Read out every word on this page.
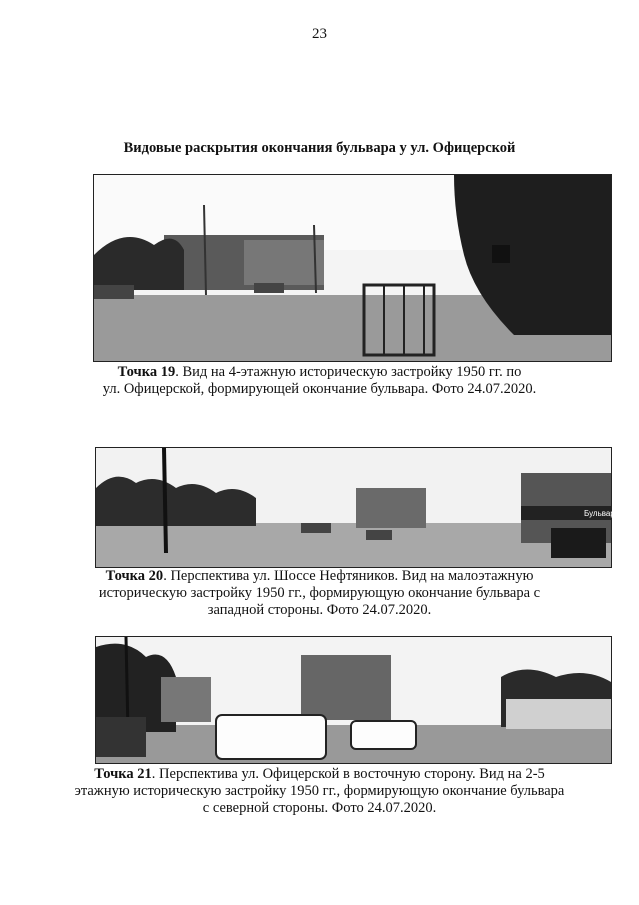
23
Видовые раскрытия окончания бульвара у ул. Офицерской
Точка 19. Вид на 4-этажную историческую застройку 1950 гг. по
ул. Офицерской, формирующей окончание бульвара. Фото 24.07.2020.
Бульвар
Точка 20. Перспектива ул. Шоссе Нефтяников. Вид на малоэтажную
историческую застройку 1950 гг., формирующую окончание бульвара с
западной стороны. Фото 24.07.2020.
Точка 21. Перспектива ул. Офицерской в восточную сторону. Вид на 2-5
этажную историческую застройку 1950 гг., формирующую окончание бульвара
с северной стороны. Фото 24.07.2020.
